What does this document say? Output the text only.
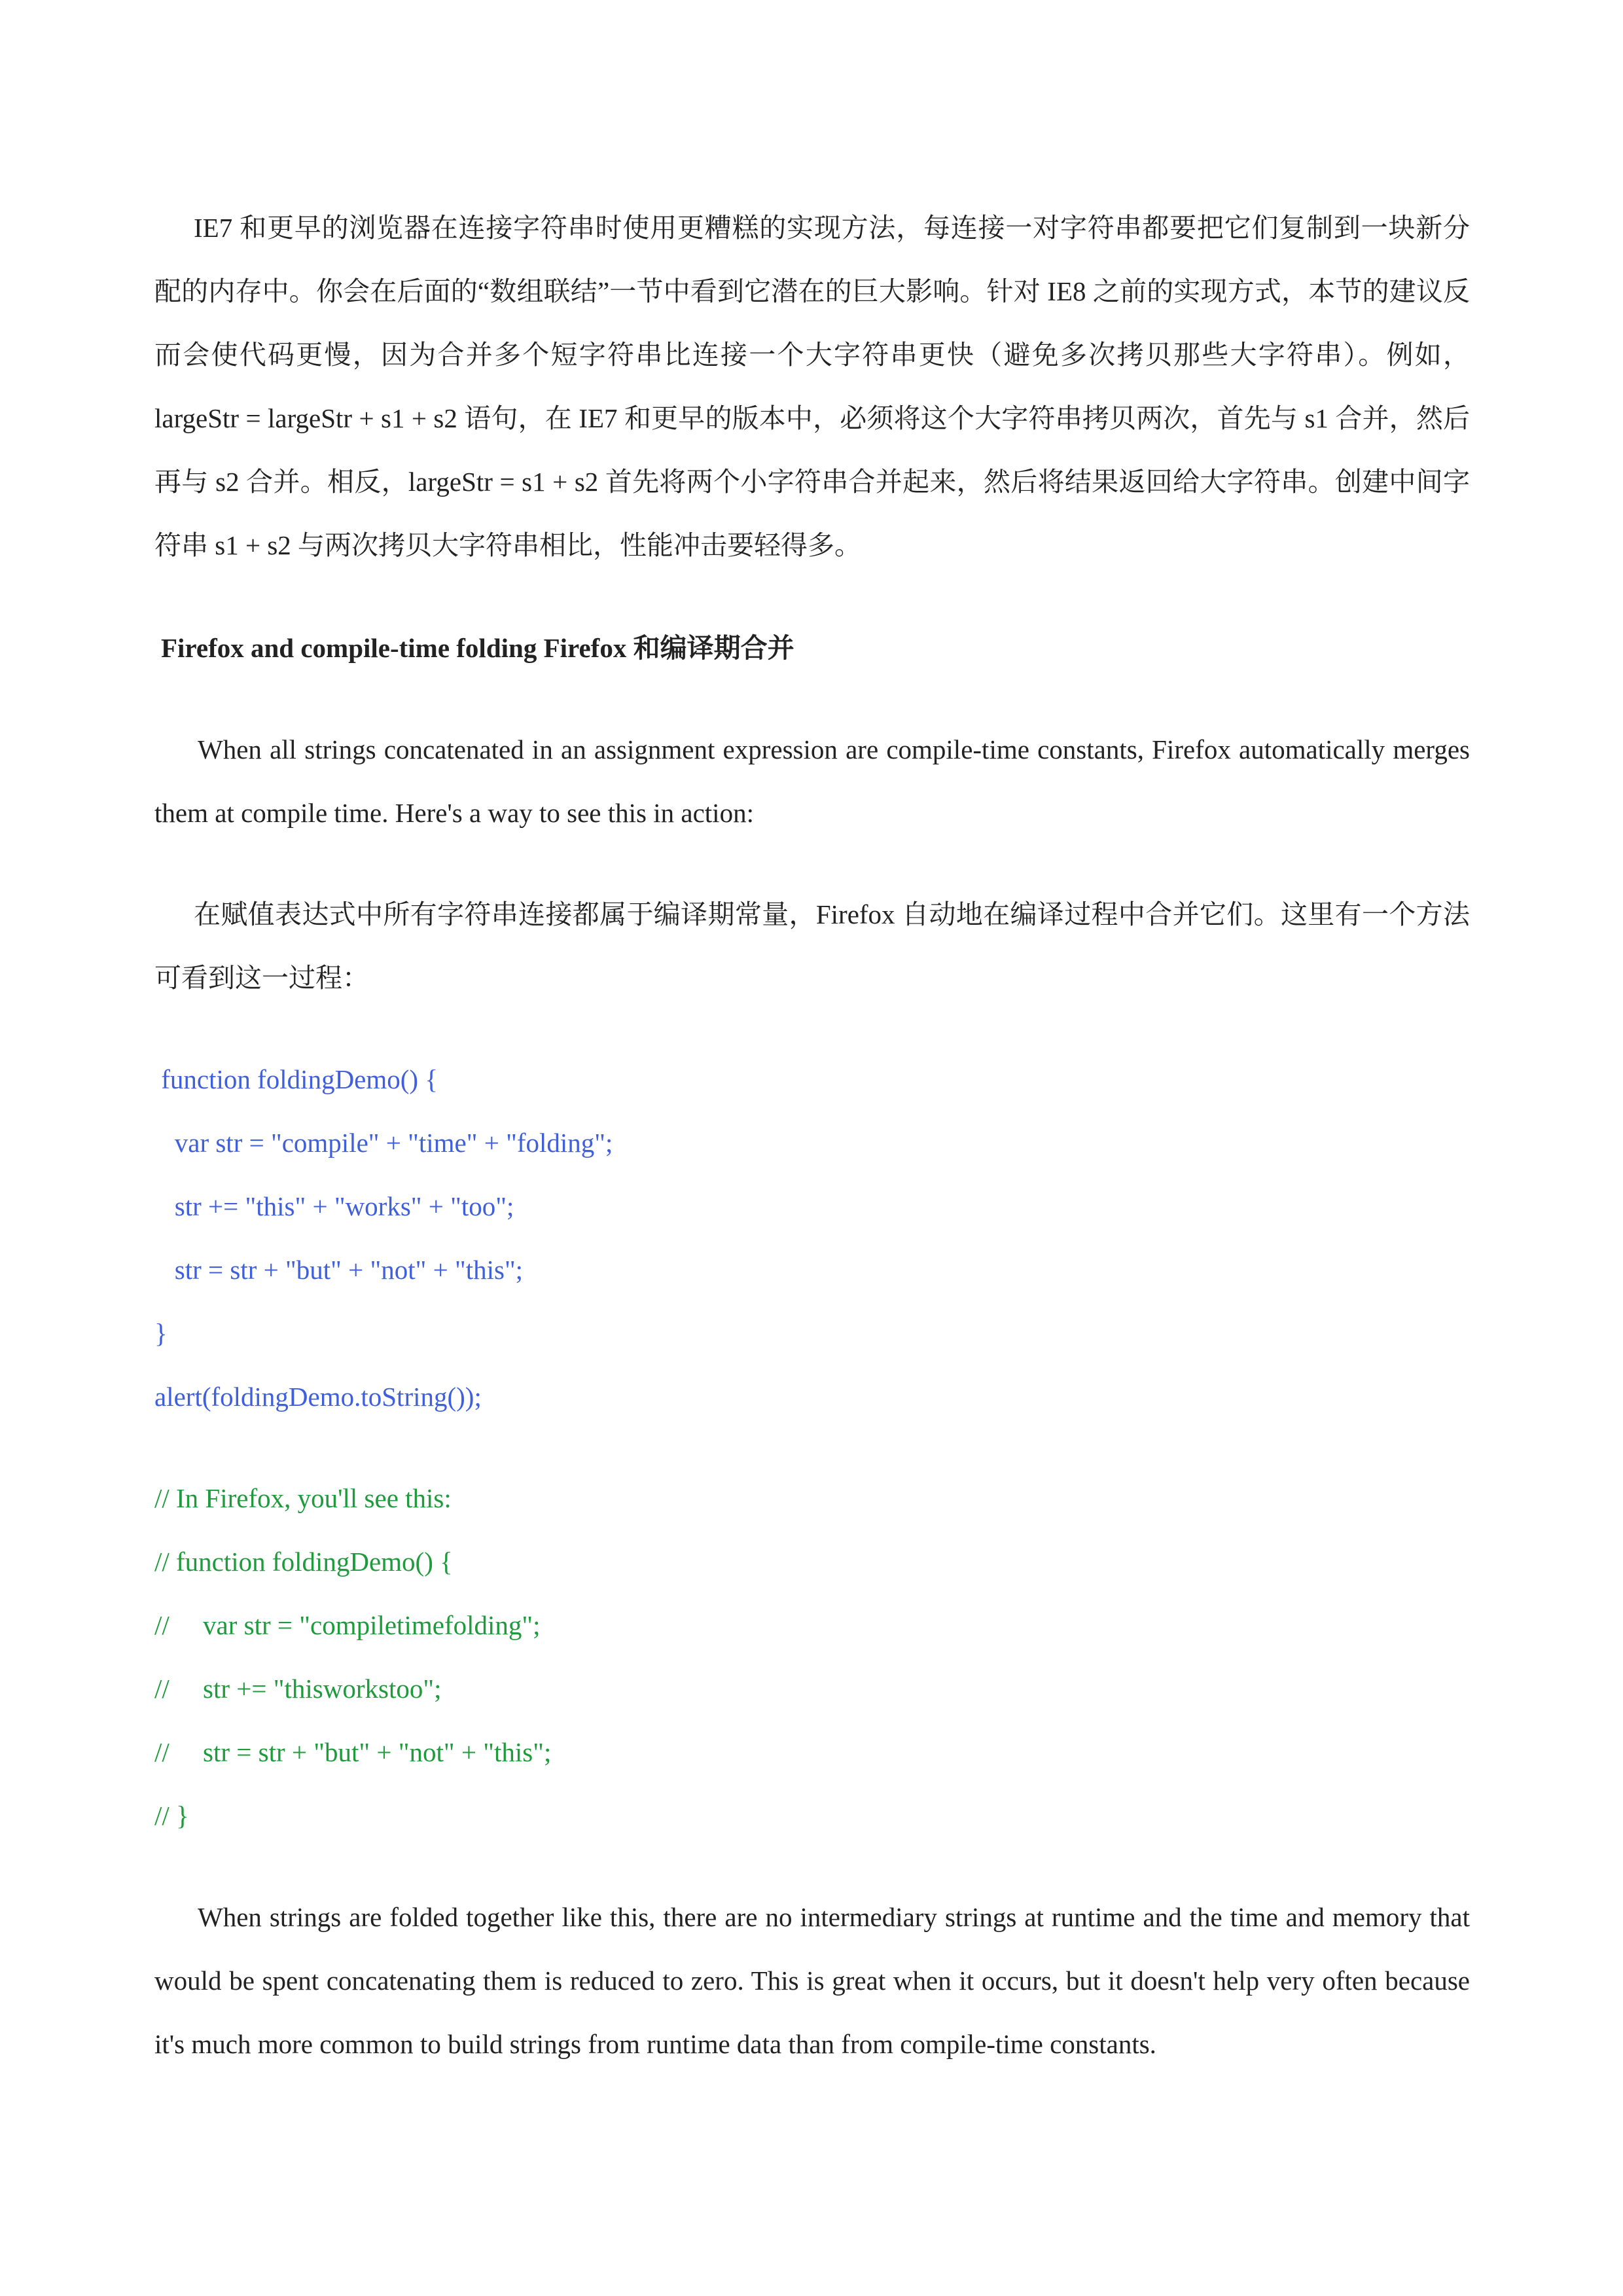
IE7 和更早的浏览器在连接字符串时使用更糟糕的实现方法，每连接一对字符串都要把它们复制到一块新分配的内存中。你会在后面的“数组联结”一节中看到它潜在的巨大影响。针对 IE8 之前的实现方式，本节的建议反而会使代码更慢，因为合并多个短字符串比连接一个大字符串更快（避免多次拷贝那些大字符串）。例如，largeStr = largeStr + s1 + s2 语句，在 IE7 和更早的版本中，必须将这个大字符串拷贝两次，首先与 s1 合并，然后再与 s2 合并。相反，largeStr = s1 + s2 首先将两个小字符串合并起来，然后将结果返回给大字符串。创建中间字符串 s1 + s2 与两次拷贝大字符串相比，性能冲击要轻得多。

Firefox and compile-time folding Firefox 和编译期合并

When all strings concatenated in an assignment expression are compile-time constants, Firefox automatically merges them at compile time. Here's a way to see this in action:

在赋值表达式中所有字符串连接都属于编译期常量，Firefox 自动地在编译过程中合并它们。这里有一个方法可看到这一过程：

function foldingDemo() {
var str = "compile" + "time" + "folding";
str += "this" + "works" + "too";
str = str + "but" + "not" + "this";
}
alert(foldingDemo.toString());
// In Firefox, you'll see this:
// function foldingDemo() {
//     var str = "compiletimefolding";
//     str += "thisworkstoo";
//     str = str + "but" + "not" + "this";
// }

When strings are folded together like this, there are no intermediary strings at runtime and the time and memory that would be spent concatenating them is reduced to zero. This is great when it occurs, but it doesn't help very often because it's much more common to build strings from runtime data than from compile-time constants.
